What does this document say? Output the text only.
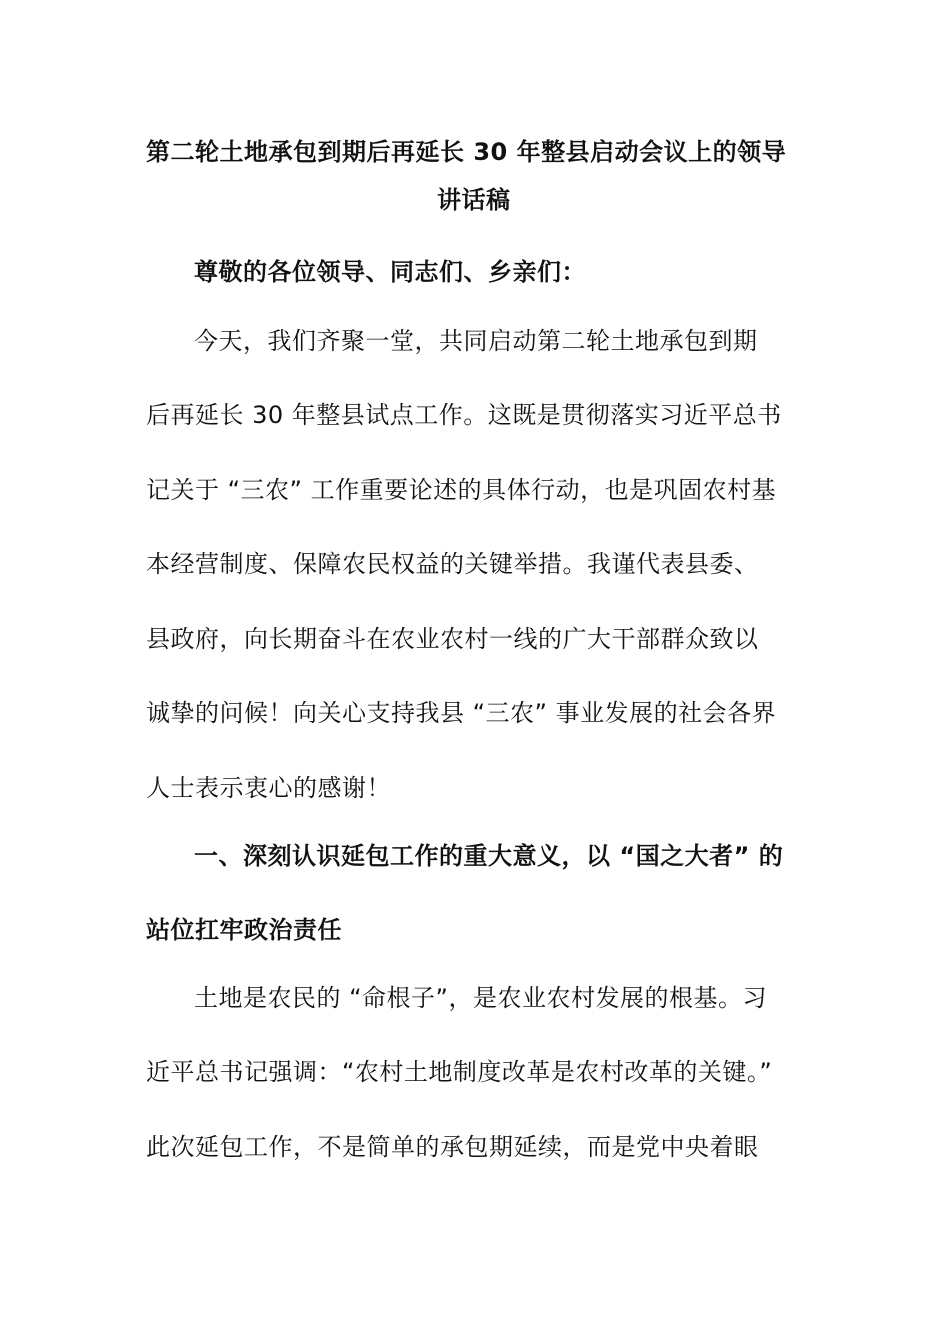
第二轮土地承包到期后再延长 30 年整县启动会议上的领导
讲话稿
尊敬的各位领导、同志们、乡亲们：
今天，我们齐聚一堂，共同启动第二轮土地承包到期
后再延长 30 年整县试点工作。这既是贯彻落实习近平总书
记关于 “三农” 工作重要论述的具体行动，也是巩固农村基
本经营制度、保障农民权益的关键举措。我谨代表县委、
县政府，向长期奋斗在农业农村一线的广大干部群众致以
诚挚的问候！向关心支持我县 “三农” 事业发展的社会各界
人士表示衷心的感谢！
一、深刻认识延包工作的重大意义，以 “国之大者” 的
站位扛牢政治责任
土地是农民的 “命根子”，是农业农村发展的根基。习
近平总书记强调：“农村土地制度改革是农村改革的关键。”
此次延包工作，不是简单的承包期延续，而是党中央着眼
